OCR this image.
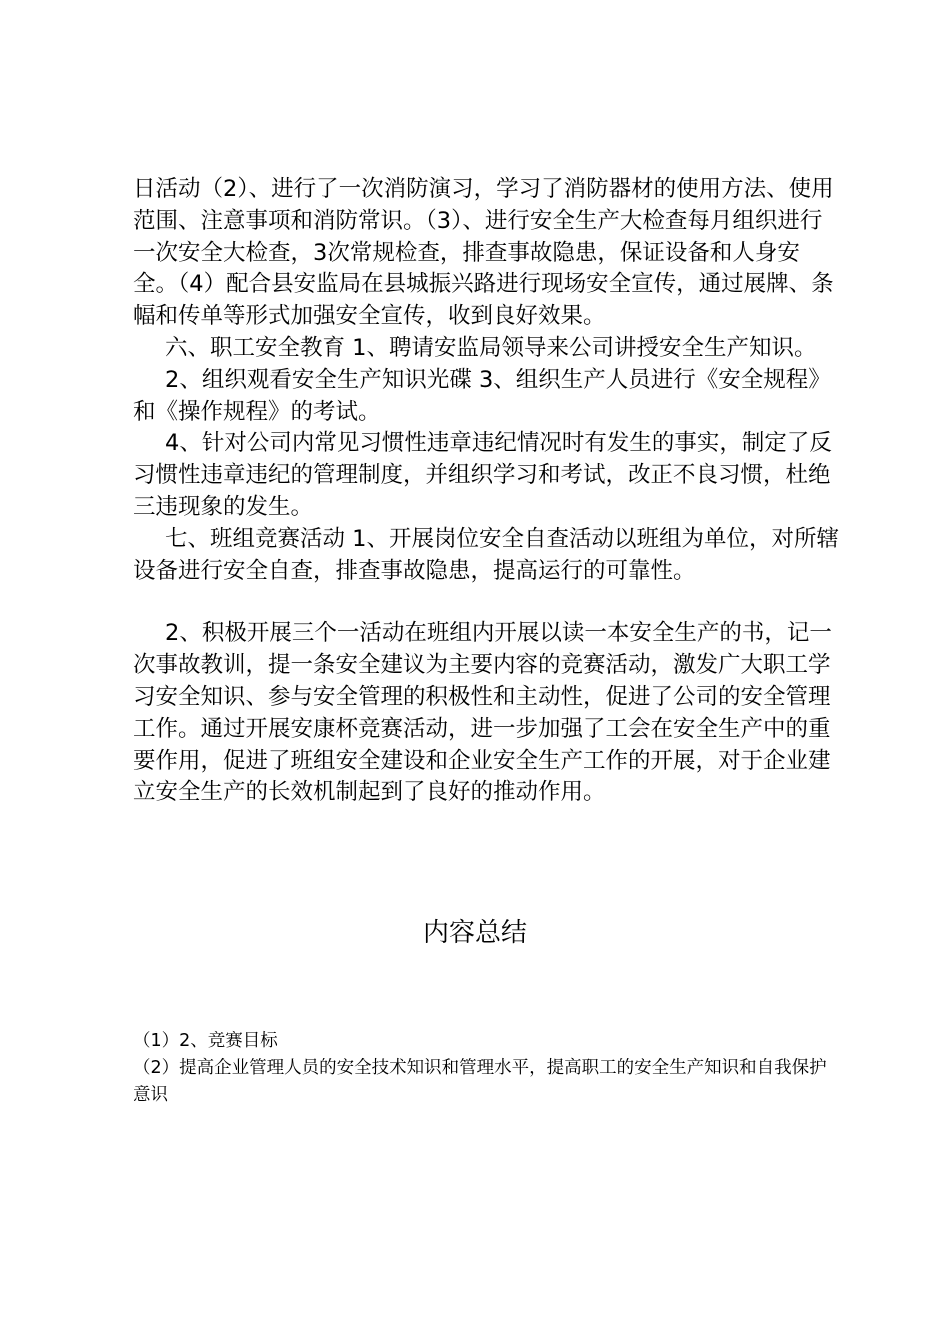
日活动（2）、进行了一次消防演习，学习了消防器材的使用方法、使用范围、注意事项和消防常识。（3）、进行安全生产大检查每月组织进行一次安全大检查，3次常规检查，排查事故隐患，保证设备和人身安全。（4）配合县安监局在县城振兴路进行现场安全宣传，通过展牌、条幅和传单等形式加强安全宣传，收到良好效果。

六、职工安全教育 1、聘请安监局领导来公司讲授安全生产知识。

2、组织观看安全生产知识光碟 3、组织生产人员进行《安全规程》和《操作规程》的考试。

4、针对公司内常见习惯性违章违纪情况时有发生的事实，制定了反习惯性违章违纪的管理制度，并组织学习和考试，改正不良习惯，杜绝三违现象的发生。

七、班组竞赛活动 1、开展岗位安全自查活动以班组为单位，对所辖设备进行安全自查，排查事故隐患，提高运行的可靠性。

2、积极开展三个一活动在班组内开展以读一本安全生产的书，记一次事故教训，提一条安全建议为主要内容的竞赛活动，激发广大职工学习安全知识、参与安全管理的积极性和主动性，促进了公司的安全管理工作。通过开展安康杯竞赛活动，进一步加强了工会在安全生产中的重要作用，促进了班组安全建设和企业安全生产工作的开展，对于企业建立安全生产的长效机制起到了良好的推动作用。

内容总结

（1）2、竞赛目标

（2）提高企业管理人员的安全技术知识和管理水平，提高职工的安全生产知识和自我保护意识
